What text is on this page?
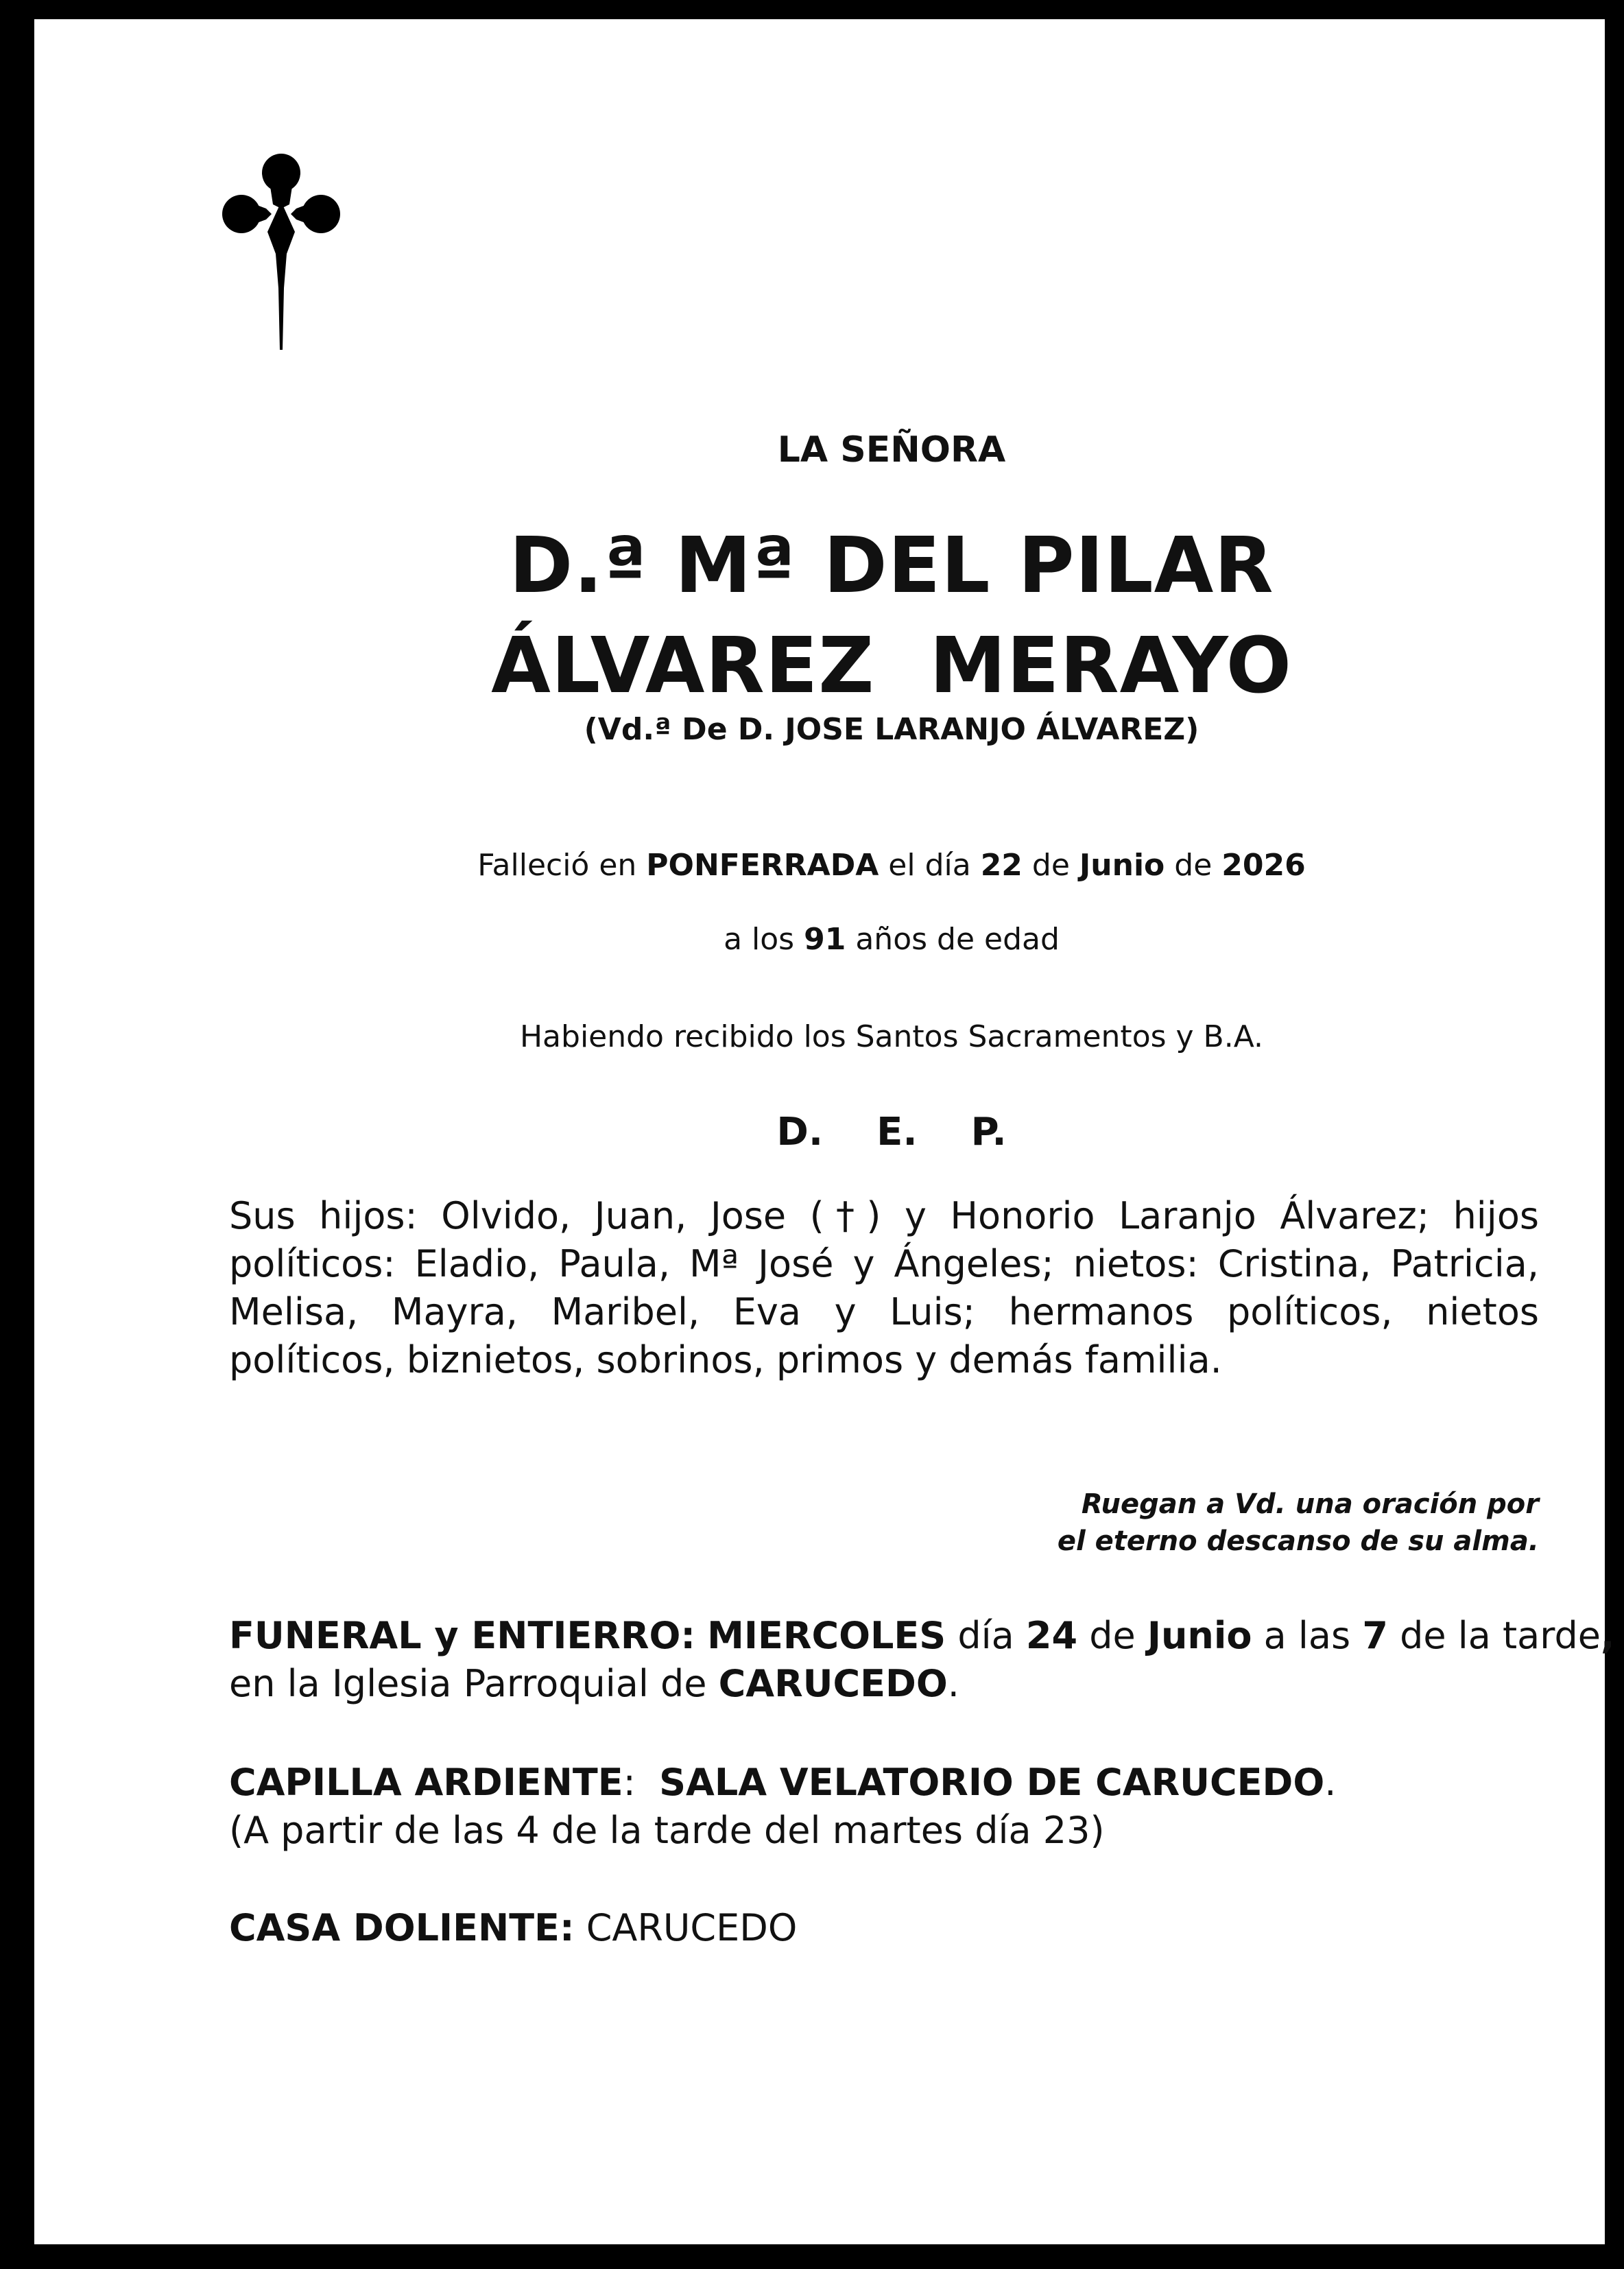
LA SEÑORA
D.ª Mª DEL PILAR
ÁLVAREZ  MERAYO
(Vd.ª De D. JOSE LARANJO ÁLVAREZ)
Falleció en PONFERRADA el día 22 de Junio de 2026
a los 91 años de edad
Habiendo recibido los Santos Sacramentos y B.A.
D.    E.    P.
Sus hijos: Olvido, Juan, Jose (†) y Honorio Laranjo Álvarez; hijos políticos: Eladio, Paula, Mª José y Ángeles; nietos: Cristina, Patricia, Melisa, Mayra, Maribel, Eva y Luis; hermanos políticos, nietos políticos, biznietos, sobrinos, primos y demás familia.
Ruegan a Vd. una oración por
el eterno descanso de su alma.
FUNERAL y ENTIERRO: MIERCOLES día 24 de Junio a las 7 de la tarde,
en la Iglesia Parroquial de CARUCEDO.
CAPILLA ARDIENTE: SALA VELATORIO DE CARUCEDO.
(A partir de las 4 de la tarde del martes día 23)
CASA DOLIENTE: CARUCEDO
